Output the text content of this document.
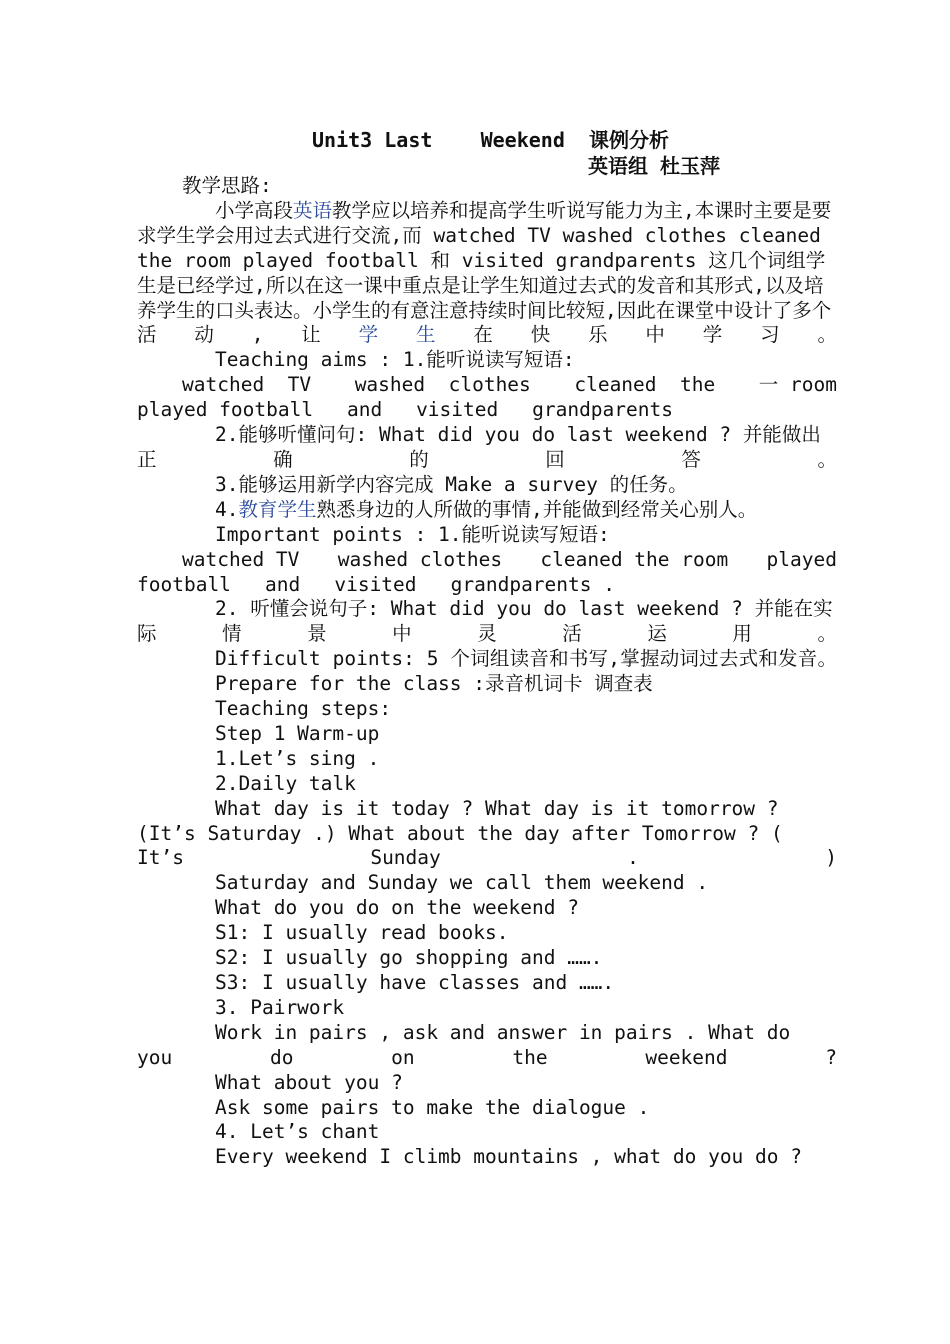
Unit3 Last    Weekend  课例分析
英语组 杜玉萍

教学思路:

小学高段英语教学应以培养和提高学生听说写能力为主,本课时主要是要求学生学会用过去式进行交流,而 watched TV washed clothes cleaned the room played football 和 visited grandparents 这几个词组学生是已经学过,所以在这一课中重点是让学生知道过去式的发音和其形式,以及培养学生的口头表达。小学生的有意注意持续时间比较短,因此在课堂中设计了多个活动,让学生在快乐中学习。

Teaching aims : 1.能听说读写短语:

watched  TV washed  clothes cleaned  the 一 room
played football and visited grandparents

2.能够听懂问句: What did you do last weekend ? 并能做出正确的回答。

3.能够运用新学内容完成 Make a survey 的任务。

4.教育学生熟悉身边的人所做的事情,并能做到经常关心别人。

Important points : 1.能听说读写短语:

watched TV washed clothes cleaned the room played
football and visited grandparents .

2. 听懂会说句子: What did you do last weekend ? 并能在实际情景中灵活运用。

Difficult points: 5 个词组读音和书写,掌握动词过去式和发音。

Prepare for the class :录音机词卡 调查表

Teaching steps:

Step 1 Warm-up

1.Let’s sing .

2.Daily talk

What day is it today ? What day is it tomorrow ? (It’s Saturday .) What about the day after Tomorrow ? ( It’s Sunday . )

Saturday and Sunday we call them weekend .

What do you do on the weekend ?

S1: I usually read books.

S2: I usually go shopping and …….

S3: I usually have classes and …….

3. Pairwork

Work in pairs , ask and answer in pairs . What do you do on the weekend ?

What about you ?

Ask some pairs to make the dialogue .

4. Let’s chant

Every weekend I climb mountains , what do you do ?
